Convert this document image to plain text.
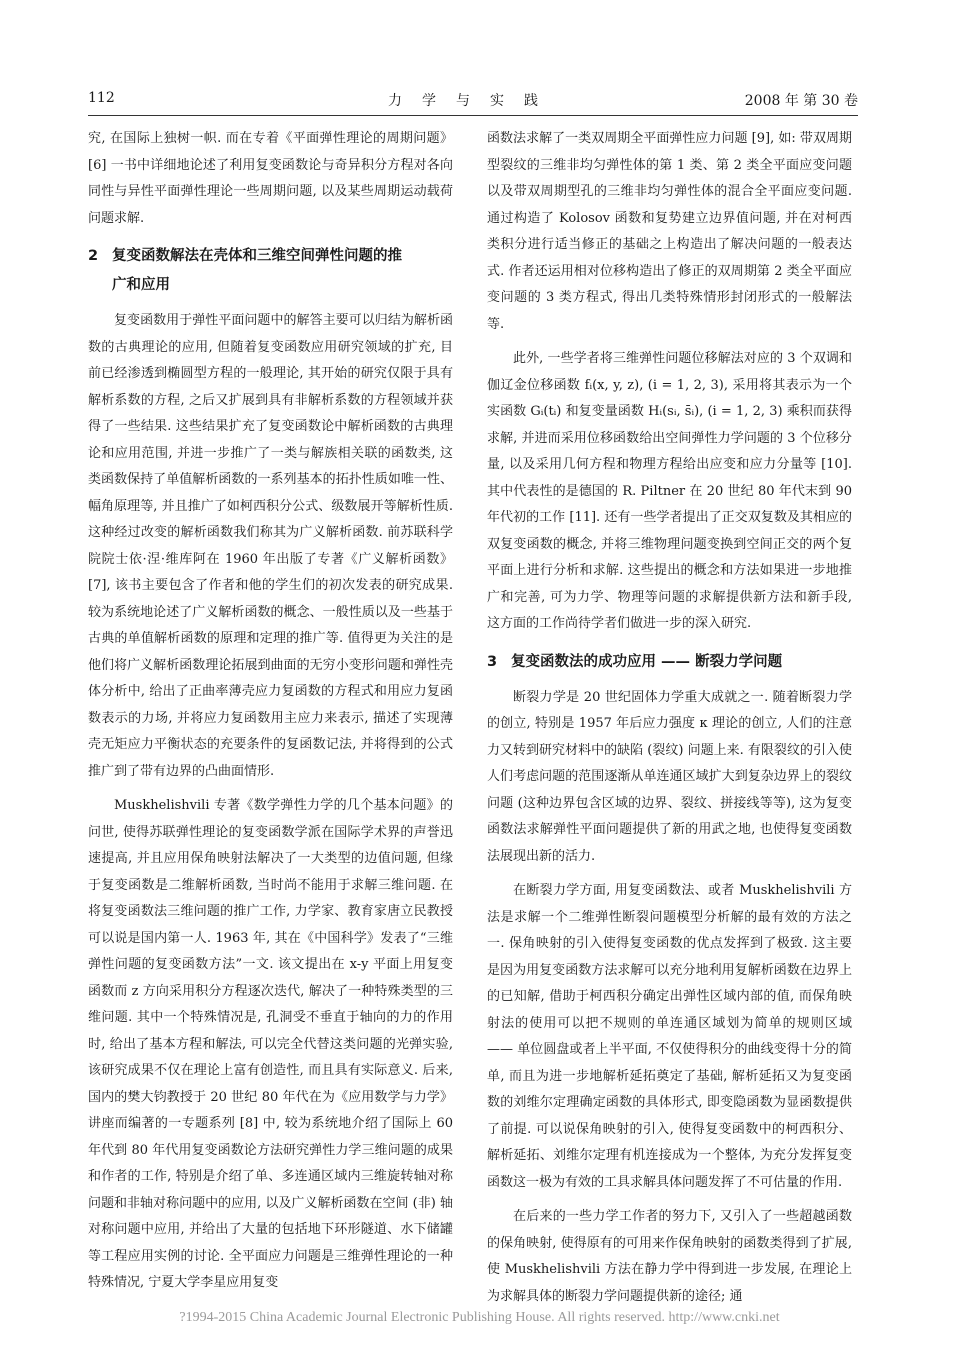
112	力学与实践	2008 年 第 30 卷

究, 在国际上独树一帜. 而在专着《平面弹性理论的周期问题》 [6] 一书中详细地论述了利用复变函数论与奇异积分方程对各向同性与异性平面弹性理论一些周期问题, 以及某些周期运动载荷问题求解.

2 复变函数解法在壳体和三维空间弹性问题的推
广和应用

复变函数用于弹性平面问题中的解答主要可以归结为解析函数的古典理论的应用, 但随着复变函数应用研究领域的扩充, 目前已经渗透到椭圆型方程的一般理论, 其开始的研究仅限于具有解析系数的方程, 之后又扩展到具有非解析系数的方程领域并获得了一些结果. 这些结果扩充了复变函数论中解析函数的古典理论和应用范围, 并进一步推广了一类与解族相关联的函数类, 这类函数保持了单值解析函数的一系列基本的拓扑性质如唯一性、幅角原理等, 并且推广了如柯西积分公式、级数展开等解析性质. 这种经过改变的解析函数我们称其为广义解析函数. 前苏联科学院院士依·涅·维库阿在 1960 年出版了专著《广义解析函数》 [7], 该书主要包含了作者和他的学生们的初次发表的研究成果. 较为系统地论述了广义解析函数的概念、一般性质以及一些基于古典的单值解析函数的原理和定理的推广等. 值得更为关注的是他们将广义解析函数理论拓展到曲面的无穷小变形问题和弹性壳体分析中, 给出了正曲率薄壳应力复函数的方程式和用应力复函数表示的力场, 并将应力复函数用主应力来表示, 描述了实现薄壳无矩应力平衡状态的充要条件的复函数记法, 并将得到的公式推广到了带有边界的凸曲面情形.

Muskhelishvili 专著《数学弹性力学的几个基本问题》的问世, 使得苏联弹性理论的复变函数学派在国际学术界的声誉迅速提高, 并且应用保角映射法解决了一大类型的边值问题, 但缘于复变函数是二维解析函数, 当时尚不能用于求解三维问题. 在将复变函数法三维问题的推广工作, 力学家、教育家唐立民教授可以说是国内第一人. 1963 年, 其在《中国科学》发表了“三维弹性问题的复变函数方法”一文. 该文提出在 x-y 平面上用复变函数而 z 方向采用积分方程逐次迭代, 解决了一种特殊类型的三维问题. 其中一个特殊情况是, 孔洞受不垂直于轴向的力的作用时, 给出了基本方程和解法, 可以完全代替这类问题的光弹实验, 该研究成果不仅在理论上富有创造性, 而且具有实际意义. 后来, 国内的樊大钧教授于 20 世纪 80 年代在为《应用数学与力学》讲座而编著的一专题系列 [8] 中, 较为系统地介绍了国际上 60 年代到 80 年代用复变函数论方法研究弹性力学三维问题的成果和作者的工作, 特别是介绍了单、多连通区域内三维旋转轴对称问题和非轴对称问题中的应用, 以及广义解析函数在空间 (非) 轴对称问题中应用, 并给出了大量的包括地下环形隧道、水下储罐等工程应用实例的讨论. 全平面应力问题是三维弹性理论的一种特殊情况, 宁夏大学李星应用复变

函数法求解了一类双周期全平面弹性应力问题 [9], 如: 带双周期型裂纹的三维非均匀弹性体的第 1 类、第 2 类全平面应变问题以及带双周期型孔的三维非均匀弹性体的混合全平面应变问题. 通过构造了 Kolosov 函数和复势建立边界值问题, 并在对柯西类积分进行适当修正的基础之上构造出了解决问题的一般表达式. 作者还运用相对位移构造出了修正的双周期第 2 类全平面应变问题的 3 类方程式, 得出几类特殊情形封闭形式的一般解法等.

此外, 一些学者将三维弹性问题位移解法对应的 3 个双调和伽辽金位移函数 fᵢ(x, y, z), (i = 1, 2, 3), 采用将其表示为一个实函数 Gᵢ(tᵢ) 和复变量函数 Hᵢ(sᵢ, s̄ᵢ), (i = 1, 2, 3) 乘积而获得求解, 并进而采用位移函数给出空间弹性力学问题的 3 个位移分量, 以及采用几何方程和物理方程给出应变和应力分量等 [10]. 其中代表性的是德国的 R. Piltner 在 20 世纪 80 年代末到 90 年代初的工作 [11]. 还有一些学者提出了正交双复数及其相应的双复变函数的概念, 并将三维物理问题变换到空间正交的两个复平面上进行分析和求解. 这些提出的概念和方法如果进一步地推广和完善, 可为力学、物理等问题的求解提供新方法和新手段, 这方面的工作尚待学者们做进一步的深入研究.

3 复变函数法的成功应用 —— 断裂力学问题

断裂力学是 20 世纪固体力学重大成就之一. 随着断裂力学的创立, 特别是 1957 年后应力强度 κ 理论的创立, 人们的注意力又转到研究材料中的缺陷 (裂纹) 问题上来. 有限裂纹的引入使人们考虑问题的范围逐渐从单连通区域扩大到复杂边界上的裂纹问题 (这种边界包含区域的边界、裂纹、拼接线等等), 这为复变函数法求解弹性平面问题提供了新的用武之地, 也使得复变函数法展现出新的活力.

在断裂力学方面, 用复变函数法、或者 Muskhelishvili 方法是求解一个二维弹性断裂问题模型分析解的最有效的方法之一. 保角映射的引入使得复变函数的优点发挥到了极致. 这主要是因为用复变函数方法求解可以充分地利用复解析函数在边界上的已知解, 借助于柯西积分确定出弹性区域内部的值, 而保角映射法的使用可以把不规则的单连通区域划为简单的规则区域 —— 单位圆盘或者上半平面, 不仅使得积分的曲线变得十分的简单, 而且为进一步地解析延拓奠定了基础, 解析延拓又为复变函数的刘维尔定理确定函数的具体形式, 即变隐函数为显函数提供了前提. 可以说保角映射的引入, 使得复变函数中的柯西积分、解析延拓、刘维尔定理有机连接成为一个整体, 为充分发挥复变函数这一极为有效的工具求解具体问题发挥了不可估量的作用.

在后来的一些力学工作者的努力下, 又引入了一些超越函数的保角映射, 使得原有的可用来作保角映射的函数类得到了扩展, 使 Muskhelishvili 方法在静力学中得到进一步发展, 在理论上为求解具体的断裂力学问题提供新的途径; 通

?1994-2015 China Academic Journal Electronic Publishing House. All rights reserved. http://www.cnki.net
